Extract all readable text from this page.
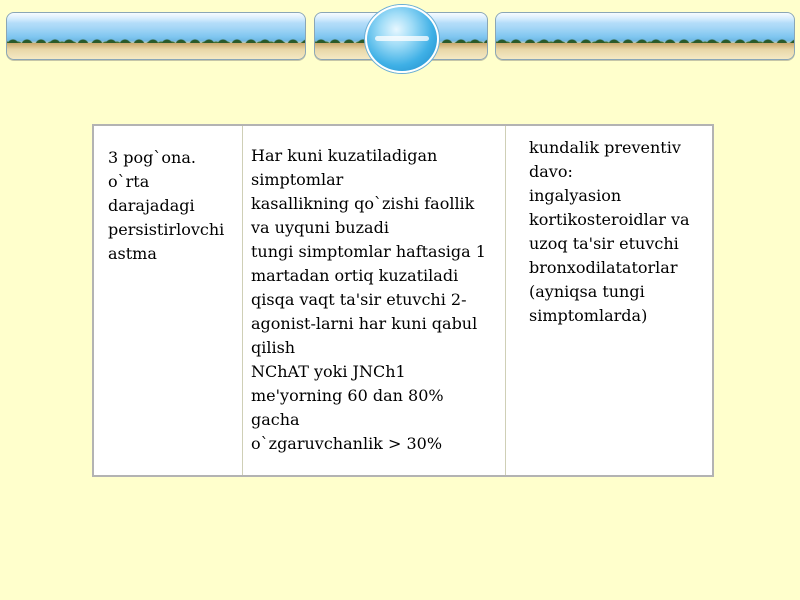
3 pog`ona.
o`rta darajadagi
persistirlovchi
astma

Har kuni kuzatiladigan
simptomlar
kasallikning qo`zishi faollik
va uyquni buzadi
tungi simptomlar haftasiga 1
martadan ortiq kuzatiladi
qisqa vaqt ta'sir etuvchi 2-
agonist-larni har kuni qabul
qilish
NChAT yoki JNCh1
me'yorning 60 dan 80%
gacha
o`zgaruvchanlik > 30%

kundalik preventiv
davo:
ingalyasion
kortikosteroidlar va
uzoq ta'sir etuvchi
bronxodilatatorlar
(ayniqsa tungi
simptomlarda)
